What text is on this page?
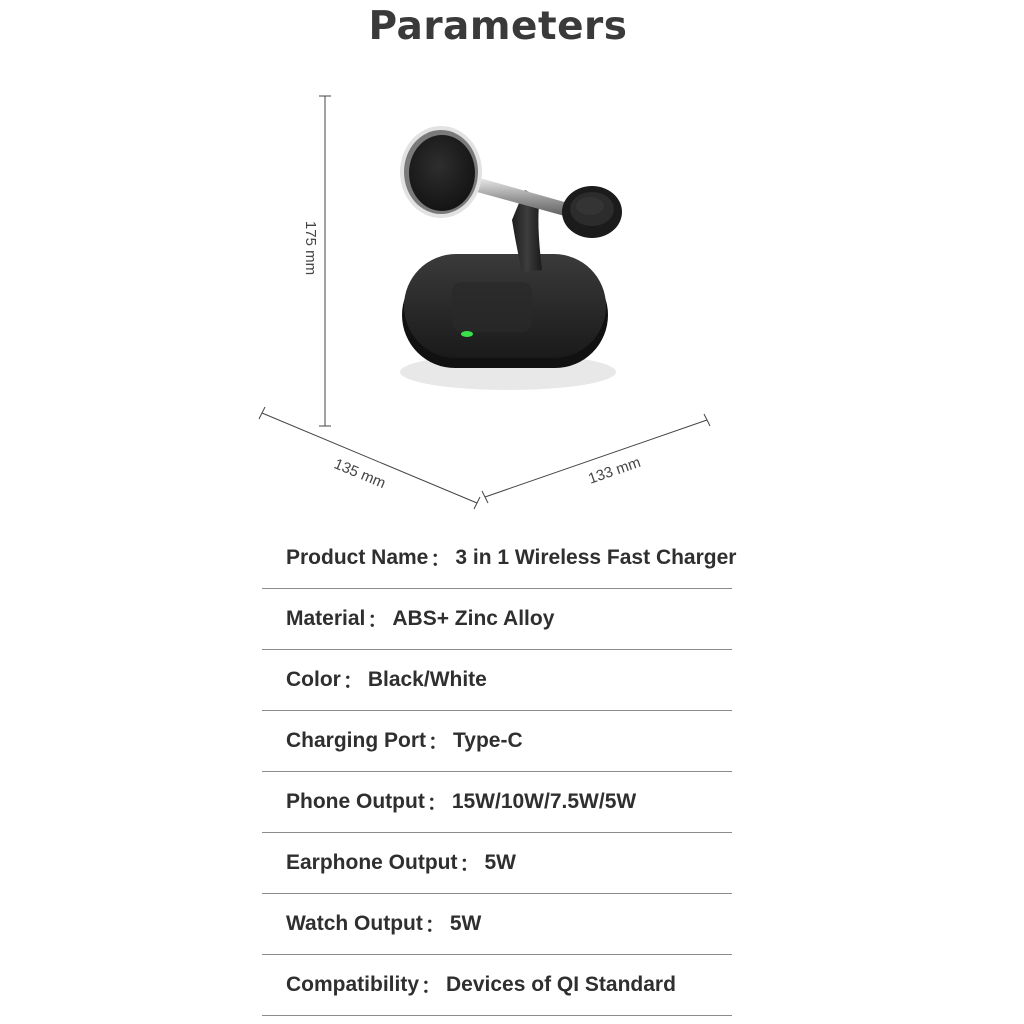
Parameters
175 mm
135 mm	133 mm
Product Name ： 3 in 1 Wireless Fast Charger
Material ： ABS+ Zinc Alloy
Color ： Black/White
Charging Port ： Type-C
Phone Output ： 15W/10W/7.5W/5W
Earphone Output ： 5W
Watch Output ： 5W
Compatibility ： Devices of QI Standard
